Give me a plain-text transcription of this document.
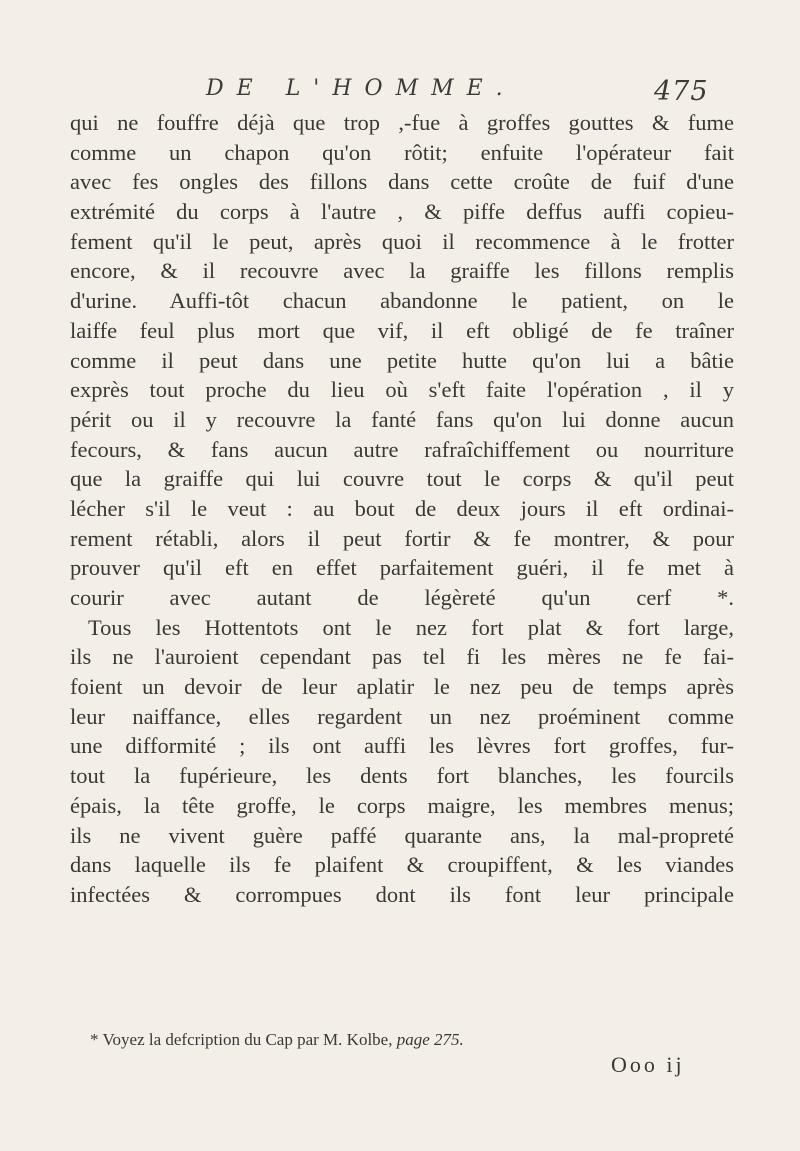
DE L'HOMME.	475
qui ne fouffre déjà que trop ,-fue à groffes gouttes & fume
comme un chapon qu'on rôtit; enfuite l'opérateur fait
avec fes ongles des fillons dans cette croûte de fuif d'une
extrémité du corps à l'autre , & piffe deffus auffi copieu-
fement qu'il le peut, après quoi il recommence à le frotter
encore, & il recouvre avec la graiffe les fillons remplis
d'urine. Auffi-tôt chacun abandonne le patient, on le
laiffe feul plus mort que vif, il eft obligé de fe traîner
comme il peut dans une petite hutte qu'on lui a bâtie
exprès tout proche du lieu où s'eft faite l'opération , il y
périt ou il y recouvre la fanté fans qu'on lui donne aucun
fecours, & fans aucun autre rafraîchiffement ou nourriture
que la graiffe qui lui couvre tout le corps & qu'il peut
lécher s'il le veut : au bout de deux jours il eft ordinai-
rement rétabli, alors il peut fortir & fe montrer, & pour
prouver qu'il eft en effet parfaitement guéri, il fe met à
courir avec autant de légèreté qu'un cerf *.
Tous les Hottentots ont le nez fort plat & fort large,
ils ne l'auroient cependant pas tel fi les mères ne fe fai-
foient un devoir de leur aplatir le nez peu de temps après
leur naiffance, elles regardent un nez proéminent comme
une difformité ; ils ont auffi les lèvres fort groffes, fur-
tout la fupérieure, les dents fort blanches, les fourcils
épais, la tête groffe, le corps maigre, les membres menus;
ils ne vivent guère paffé quarante ans, la mal-propreté
dans laquelle ils fe plaifent & croupiffent, & les viandes
infectées & corrompues dont ils font leur principale
* Voyez la defcription du Cap par M. Kolbe, page 275.
Ooo ij
